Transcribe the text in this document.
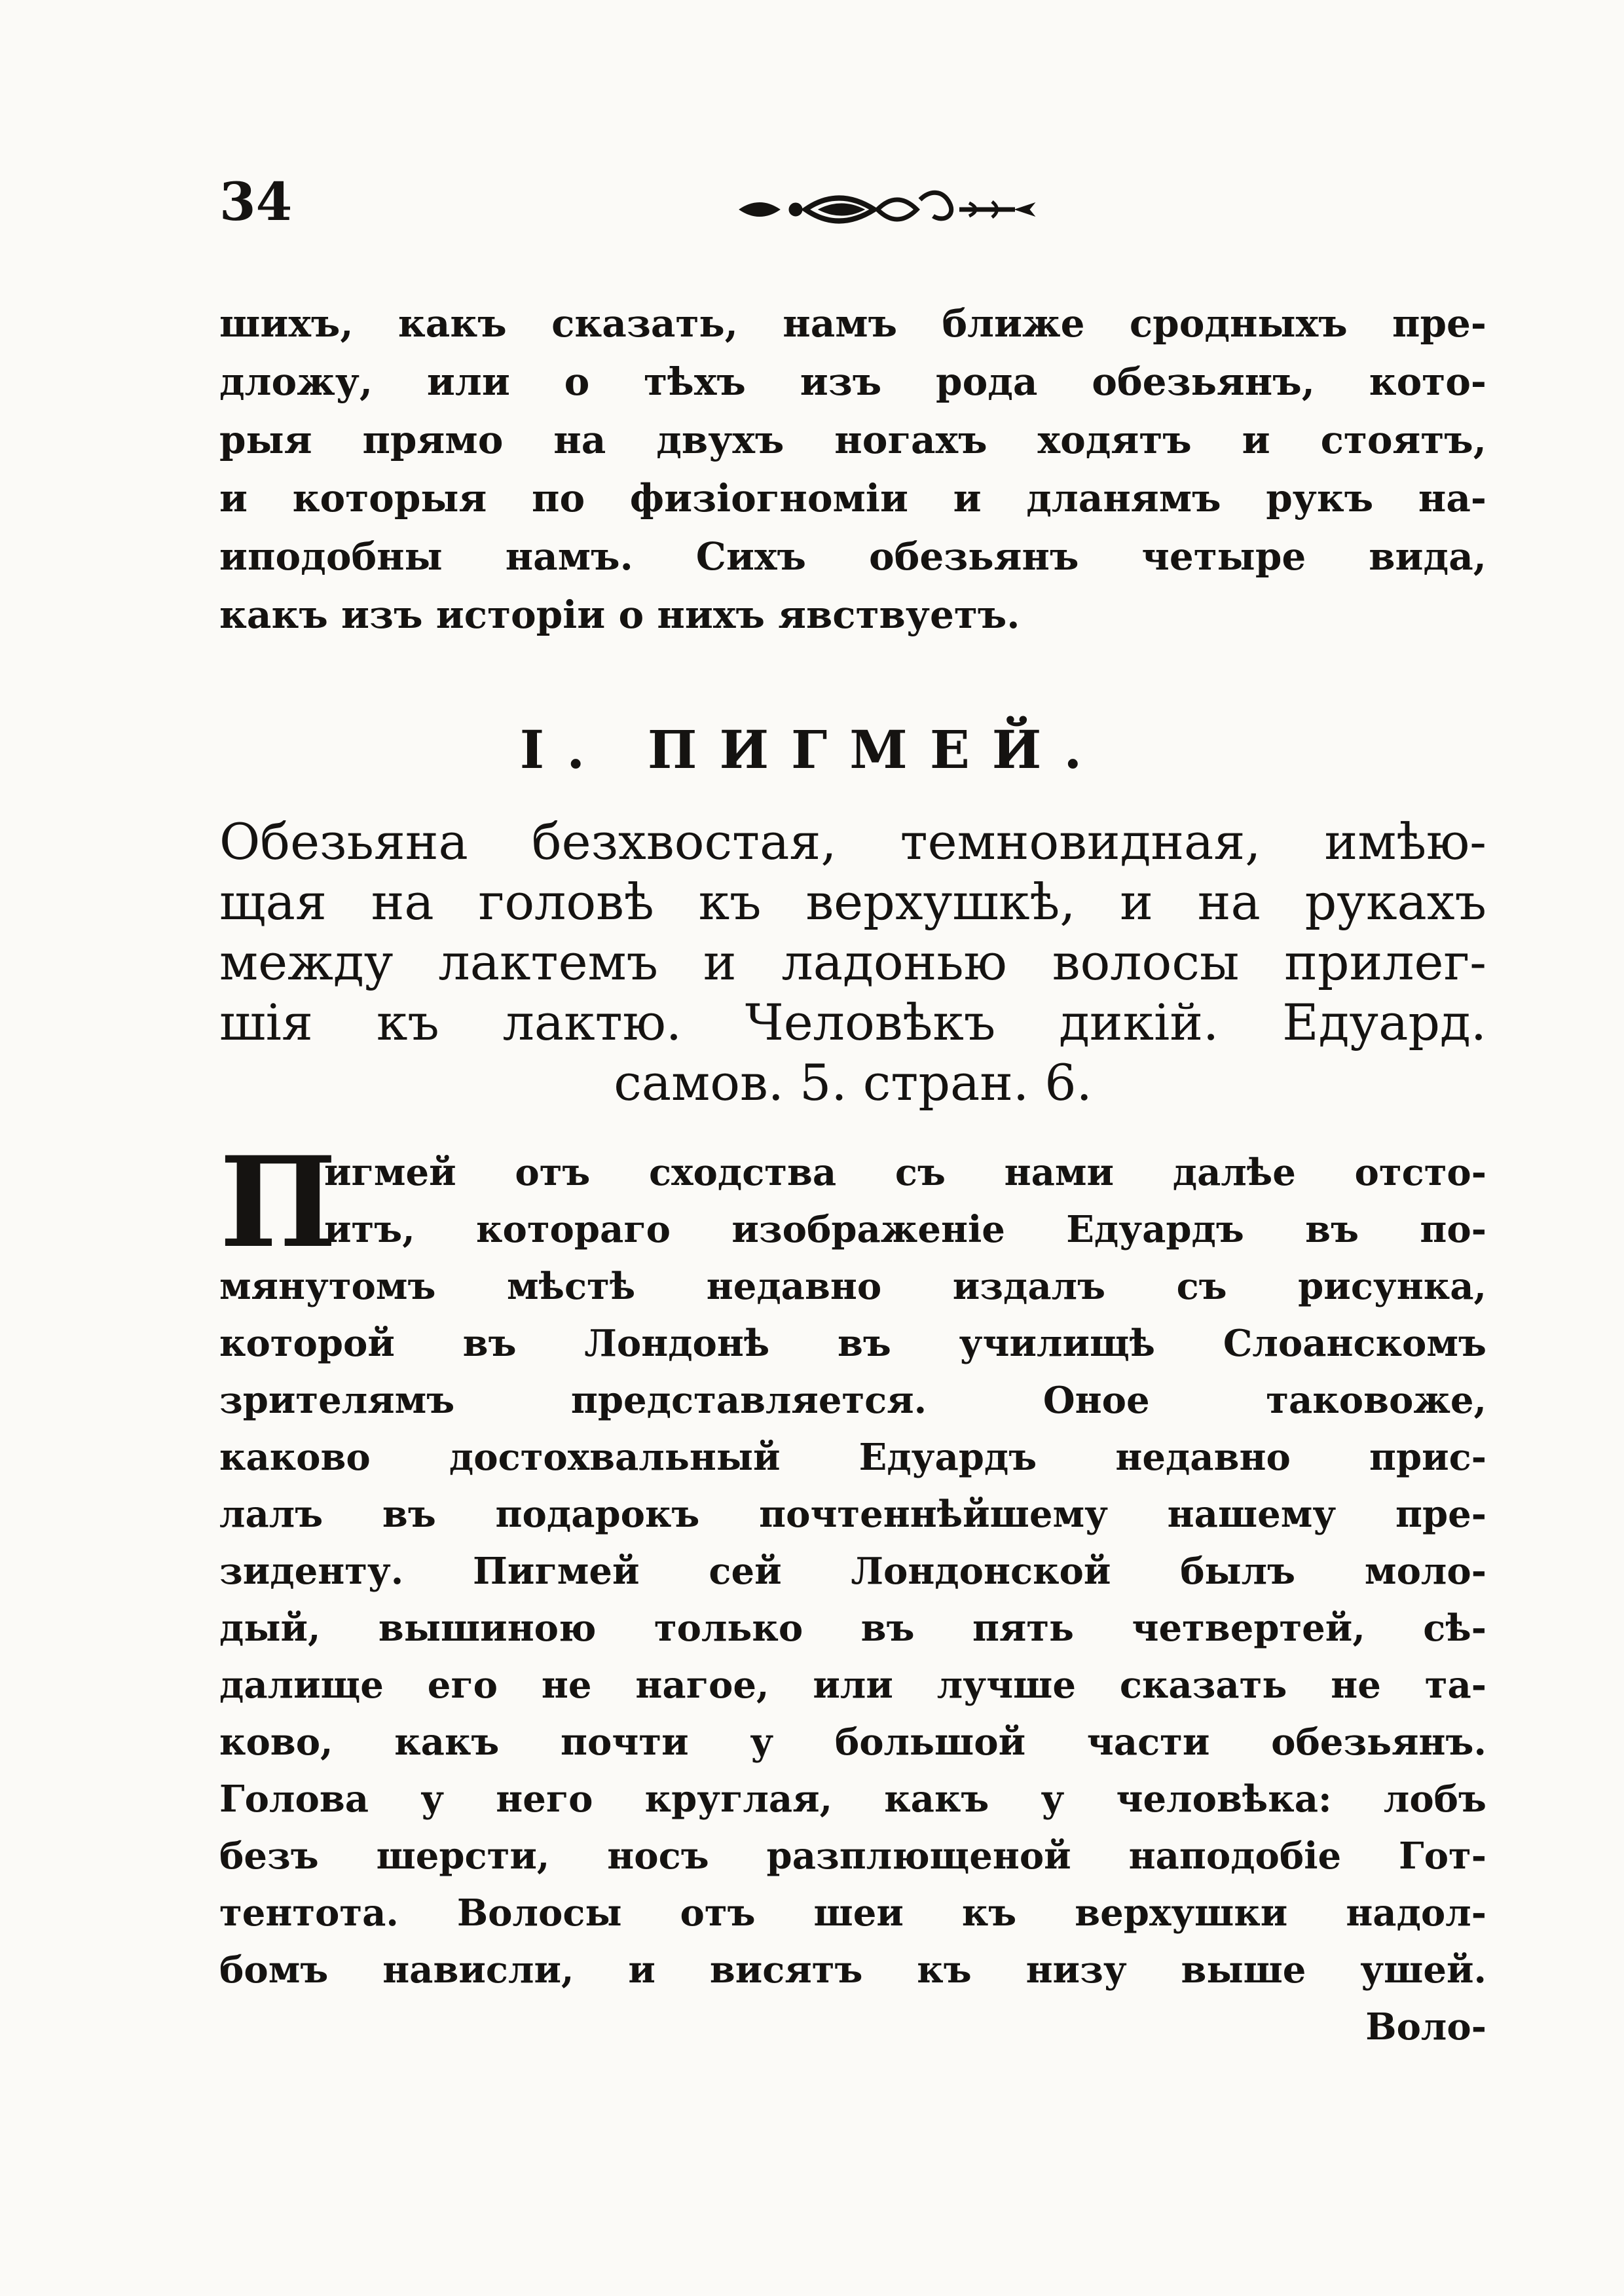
34
шихъ, какъ сказать, намъ ближе сродныхъ пре-
дложу, или о тѣхъ изъ рода обезьянъ, кото-
рыя прямо на двухъ ногахъ ходятъ и стоятъ,
и которыя по физiогномiи и дланямъ рукъ на-
иподобны намъ. Сихъ обезьянъ четыре вида,
какъ изъ исторiи о нихъ явствуетъ.
I. ПИГМЕЙ.
Обезьяна безхвостая, темновидная, имѣю-
щая на головѣ къ верхушкѣ, и на рукахъ
между лактемъ и ладонью волосы прилег-
шiя къ лактю. Человѣкъ дикiй. Едуард.
самов. 5. стран. 6.
П
игмей отъ сходства съ нами далѣе отсто-
итъ, котораго изображенiе Едуардъ въ по-
мянутомъ мѣстѣ недавно издалъ съ рисунка,
которой въ Лондонѣ въ училищѣ Слоанскомъ
зрителямъ представляется. Оное таковоже,
каково достохвальный Едуардъ недавно прис-
лалъ въ подарокъ почтеннѣйшему нашему пре-
зиденту. Пигмей сей Лондонской былъ моло-
дый, вышиною только въ пять четвертей, сѣ-
далище его не нагое, или лучше сказать не та-
ково, какъ почти у большой части обезьянъ.
Голова у него круглая, какъ у человѣка: лобъ
безъ шерсти, носъ разплющеной наподобiе Гот-
тентота. Волосы отъ шеи къ верхушки надол-
бомъ нависли, и висятъ къ низу выше ушей.
Воло-
